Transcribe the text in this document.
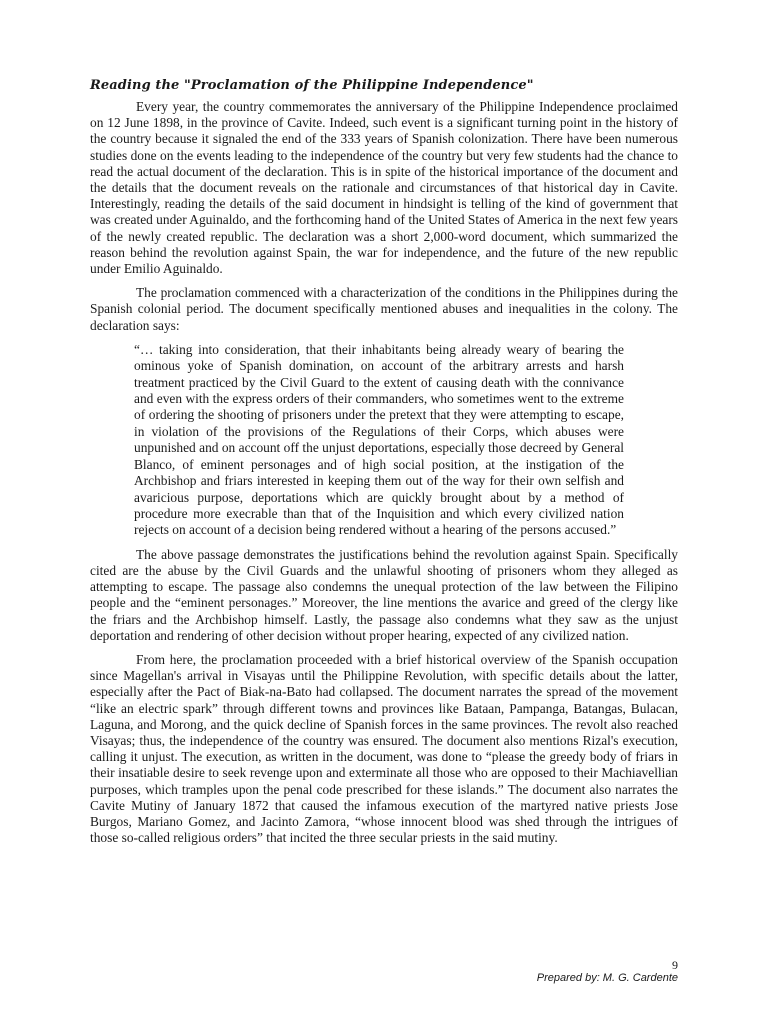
Reading the "Proclamation of the Philippine Independence"

Every year, the country commemorates the anniversary of the Philippine Independence proclaimed on 12 June 1898, in the province of Cavite. Indeed, such event is a significant turning point in the history of the country because it signaled the end of the 333 years of Spanish colonization. There have been numerous studies done on the events leading to the independence of the country but very few students had the chance to read the actual document of the declaration. This is in spite of the historical importance of the document and the details that the document reveals on the rationale and circumstances of that historical day in Cavite. Interestingly, reading the details of the said document in hindsight is telling of the kind of government that was created under Aguinaldo, and the forthcoming hand of the United States of America in the next few years of the newly created republic. The declaration was a short 2,000-word document, which summarized the reason behind the revolution against Spain, the war for independence, and the future of the new republic under Emilio Aguinaldo.

The proclamation commenced with a characterization of the conditions in the Philippines during the Spanish colonial period. The document specifically mentioned abuses and inequalities in the colony. The declaration says:

“… taking into consideration, that their inhabitants being already weary of bearing the ominous yoke of Spanish domination, on account of the arbitrary arrests and harsh treatment practiced by the Civil Guard to the extent of causing death with the connivance and even with the express orders of their commanders, who sometimes went to the extreme of ordering the shooting of prisoners under the pretext that they were attempting to escape, in violation of the provisions of the Regulations of their Corps, which abuses were unpunished and on account off the unjust deportations, especially those decreed by General Blanco, of eminent personages and of high social position, at the instigation of the Archbishop and friars interested in keeping them out of the way for their own selfish and avaricious purpose, deportations which are quickly brought about by a method of procedure more execrable than that of the Inquisition and which every civilized nation rejects on account of a decision being rendered without a hearing of the persons accused.”

The above passage demonstrates the justifications behind the revolution against Spain. Specifically cited are the abuse by the Civil Guards and the unlawful shooting of prisoners whom they alleged as attempting to escape. The passage also condemns the unequal protection of the law between the Filipino people and the “eminent personages.” Moreover, the line mentions the avarice and greed of the clergy like the friars and the Archbishop himself. Lastly, the passage also condemns what they saw as the unjust deportation and rendering of other decision without proper hearing, expected of any civilized nation.

From here, the proclamation proceeded with a brief historical overview of the Spanish occupation since Magellan's arrival in Visayas until the Philippine Revolution, with specific details about the latter, especially after the Pact of Biak-na-Bato had collapsed. The document narrates the spread of the movement “like an electric spark” through different towns and provinces like Bataan, Pampanga, Batangas, Bulacan, Laguna, and Morong, and the quick decline of Spanish forces in the same provinces. The revolt also reached Visayas; thus, the independence of the country was ensured. The document also mentions Rizal's execution, calling it unjust. The execution, as written in the document, was done to “please the greedy body of friars in their insatiable desire to seek revenge upon and exterminate all those who are opposed to their Machiavellian purposes, which tramples upon the penal code prescribed for these islands.” The document also narrates the Cavite Mutiny of January 1872 that caused the infamous execution of the martyred native priests Jose Burgos, Mariano Gomez, and Jacinto Zamora, “whose innocent blood was shed through the intrigues of those so-called religious orders” that incited the three secular priests in the said mutiny.

9
Prepared by: M. G. Cardente
